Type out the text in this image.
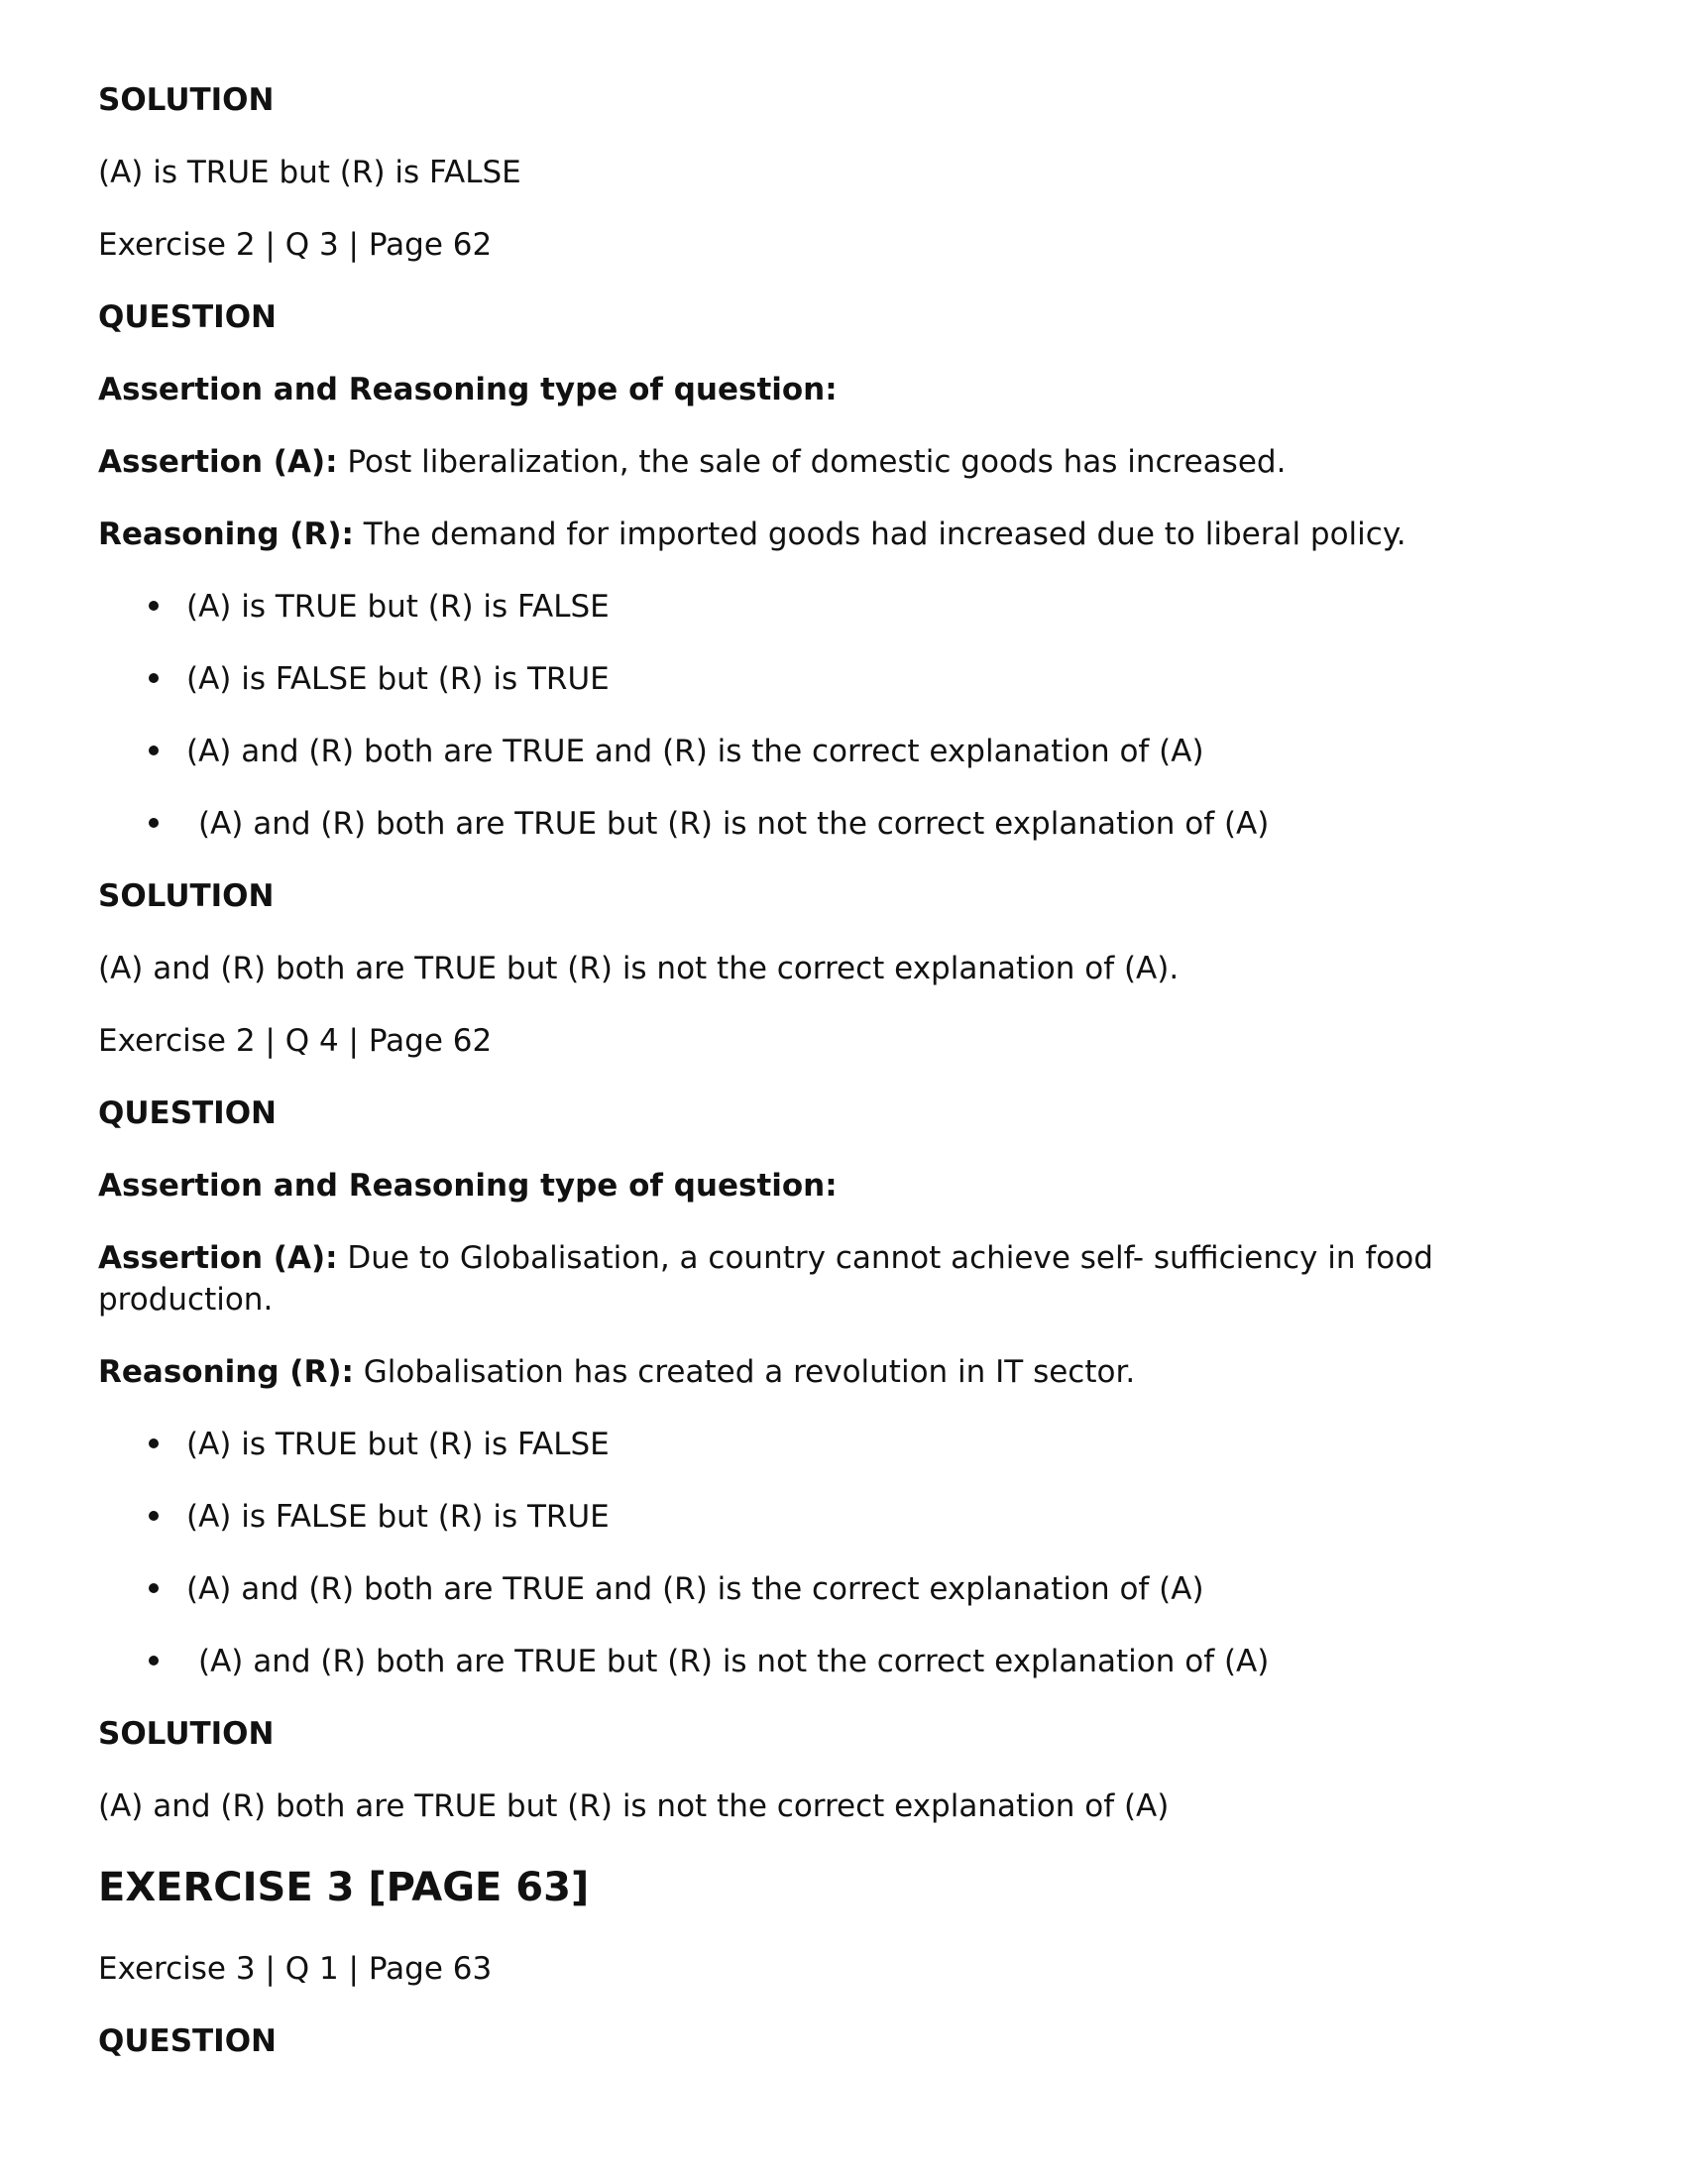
SOLUTION

(A) is TRUE but (R) is FALSE

Exercise 2 | Q 3 | Page 62

QUESTION

Assertion and Reasoning type of question:

Assertion (A): Post liberalization, the sale of domestic goods has increased.

Reasoning (R): The demand for imported goods had increased due to liberal policy.

(A) is TRUE but (R) is FALSE

(A) is FALSE but (R) is TRUE

(A) and (R) both are TRUE and (R) is the correct explanation of (A)

(A) and (R) both are TRUE but (R) is not the correct explanation of (A)

SOLUTION

(A) and (R) both are TRUE but (R) is not the correct explanation of (A).

Exercise 2 | Q 4 | Page 62

QUESTION

Assertion and Reasoning type of question:

Assertion (A): Due to Globalisation, a country cannot achieve self- sufficiency in food

production.

Reasoning (R): Globalisation has created a revolution in IT sector.

(A) is TRUE but (R) is FALSE

(A) is FALSE but (R) is TRUE

(A) and (R) both are TRUE and (R) is the correct explanation of (A)

(A) and (R) both are TRUE but (R) is not the correct explanation of (A)

SOLUTION

(A) and (R) both are TRUE but (R) is not the correct explanation of (A)

EXERCISE 3 [PAGE 63]

Exercise 3 | Q 1 | Page 63

QUESTION
